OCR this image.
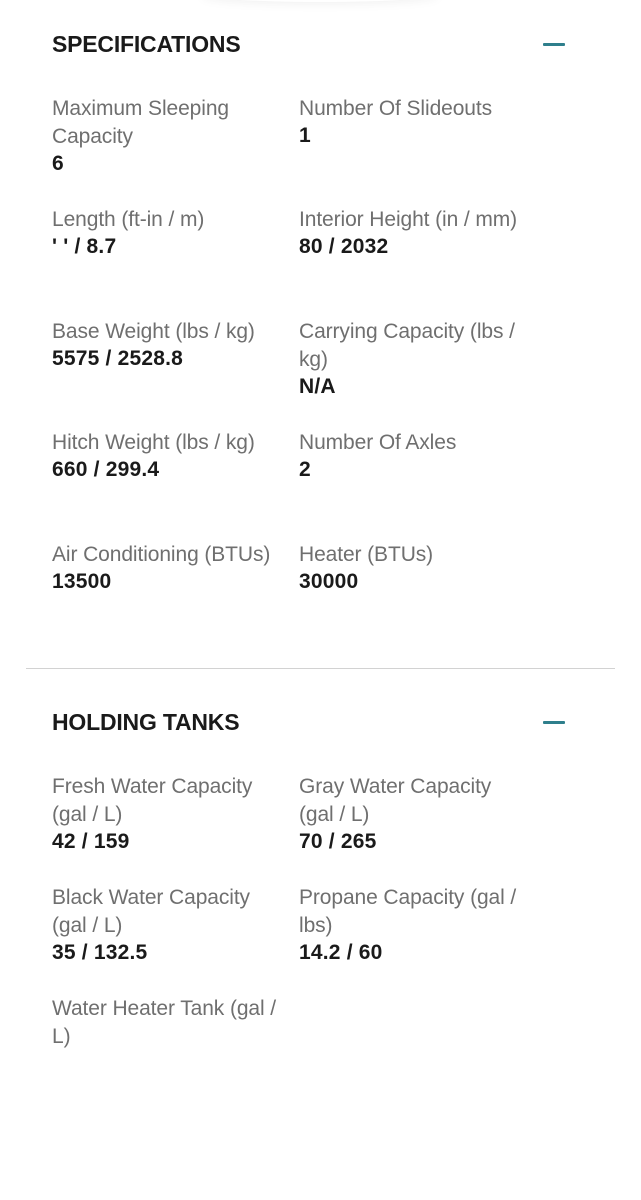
SPECIFICATIONS
Maximum Sleeping Capacity
6
Number Of Slideouts
1
Length (ft-in / m)
' ' / 8.7
Interior Height (in / mm)
80 / 2032
Base Weight (lbs / kg)
5575 / 2528.8
Carrying Capacity (lbs / kg)
N/A
Hitch Weight (lbs / kg)
660 / 299.4
Number Of Axles
2
Air Conditioning (BTUs)
13500
Heater (BTUs)
30000
HOLDING TANKS
Fresh Water Capacity (gal / L)
42 / 159
Gray Water Capacity (gal / L)
70 / 265
Black Water Capacity (gal / L)
35 / 132.5
Propane Capacity (gal / lbs)
14.2 / 60
Water Heater Tank (gal / L)
